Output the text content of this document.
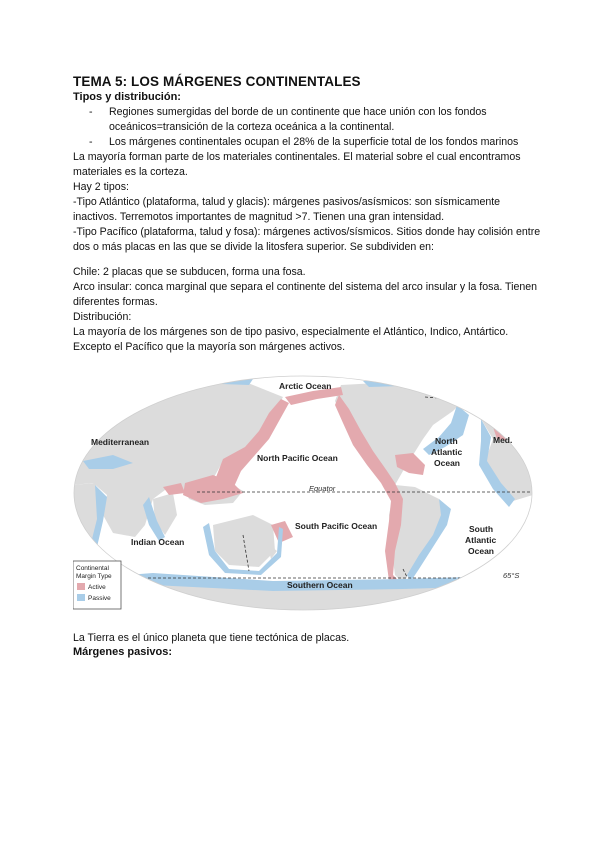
TEMA 5: LOS MÁRGENES CONTINENTALES
Tipos y distribución:
- Regiones sumergidas del borde de un continente que hace unión con los fondos oceánicos=transición de la corteza oceánica a la continental.
- Los márgenes continentales ocupan el 28% de la superficie total de los fondos marinos

La mayoría forman parte de los materiales continentales. El material sobre el cual encontramos materiales es la corteza.

Hay 2 tipos:

-Tipo Atlántico (plataforma, talud y glacis): márgenes pasivos/asísmicos: son sísmicamente inactivos. Terremotos importantes de magnitud >7. Tienen una gran intensidad.

-Tipo Pacífico (plataforma, talud y fosa): márgenes activos/sísmicos. Sitios donde hay colisión entre dos o más placas en las que se divide la litosfera superior. Se subdividen en:

Chile: 2 placas que se subducen, forma una fosa.

Arco insular: conca marginal que separa el continente del sistema del arco insular y la fosa. Tienen diferentes formas.

Distribución:

La mayoría de los márgenes son de tipo pasivo, especialmente el Atlántico, Indico, Antártico. Excepto el Pacífico que la mayoría son márgenes activos.

Arctic Ocean
Mediterranean	Med.
North Pacific Ocean
North
Atlantic
Ocean
Indian Ocean
South Pacific Ocean	South
Atlantic
Ocean
Southern Ocean
Equator
65°S
Continental
Margin Type
Active
Passive

La Tierra es el único planeta que tiene tectónica de placas.

Márgenes pasivos:
